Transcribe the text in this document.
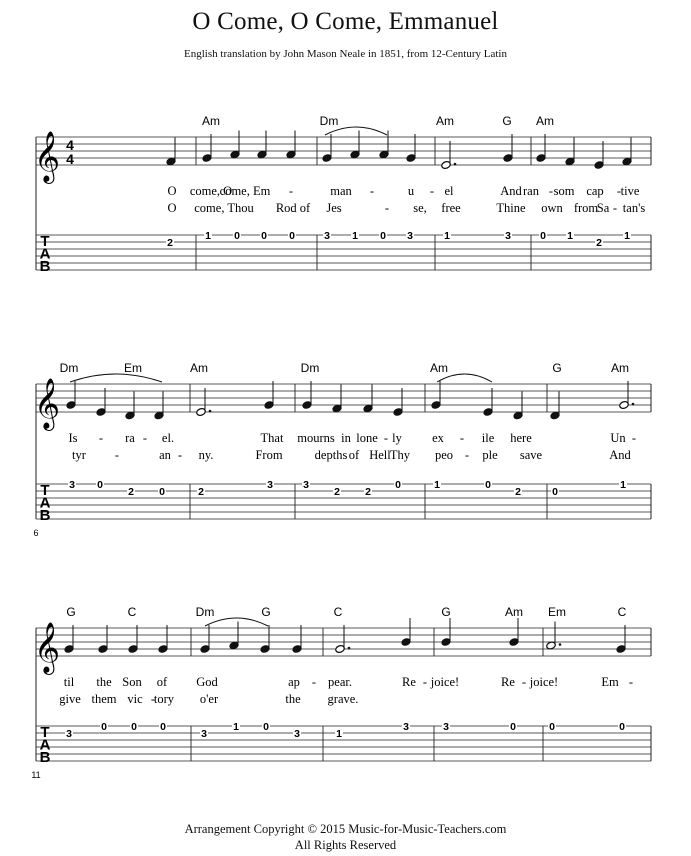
O Come, O Come, Emmanuel
English translation by John Mason Neale in 1851, from 12-Century Latin
𝄞
T
A
B
4
4
𝄞
T
A
B
𝄞
T
A
B
Am	Dm	Am	G Am
O come, O
come, Em -	man -	u - el	And ran - som cap - tive
O come, Thou Rod of Jes	- se, free	Thine own from
Sa - tan's
2
1 0 0 0	3 1 0 3	1	3	0 1
2
1
6
Dm	Em	Am	Dm	Am	G	Am
Is - ra - el.	That mourns in lone - ly ex - ile here	Un -
tyr -	an - ny.	From	depths of Hell Thy peo - ple save	And
3 0
2 0	2
3	3
2 2
0	1	0
2	0
1
11
G	C	Dm	G	C	G	Am Em	C
til the Son of God	ap - pear.	Re - joice!	Re - joice!	Em -
give them vic -
tory o'er	the grave.
3
0 0 0
3
1 0
3	1
3	3	0	0	0
Arrangement Copyright © 2015 Music-for-Music-Teachers.com
All Rights Reserved
